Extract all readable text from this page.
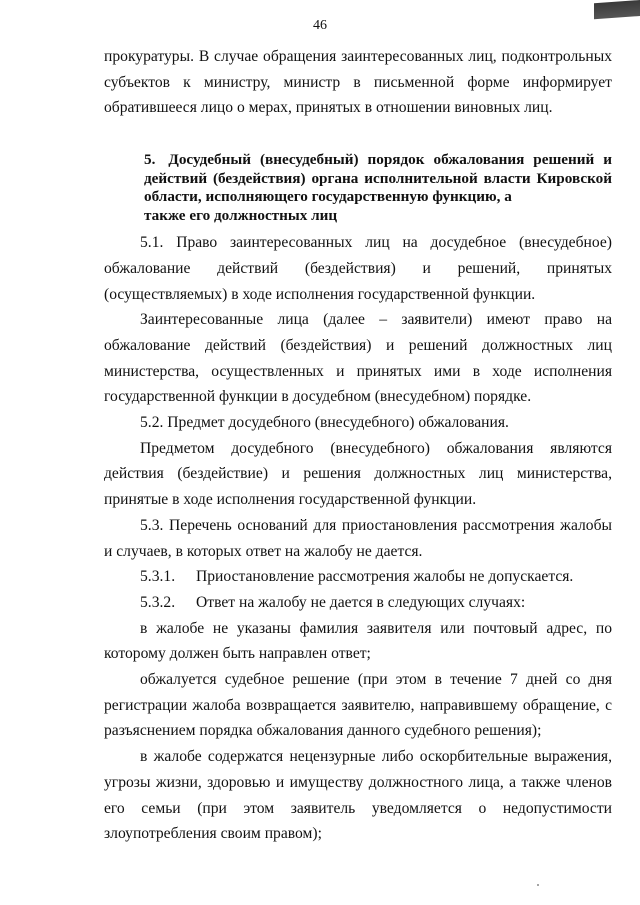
46

прокуратуры. В случае обращения заинтересованных лиц, подконтрольных субъектов к министру, министр в письменной форме информирует обратившееся лицо о мерах, принятых в отношении виновных лиц.

5. Досудебный (внесудебный) порядок обжалования решений и действий (бездействия) органа исполнительной власти Кировской области, исполняющего государственную функцию, а
также его должностных лиц

5.1. Право заинтересованных лиц на досудебное (внесудебное) обжалование действий (бездействия) и решений, принятых (осуществляемых) в ходе исполнения государственной функции.

Заинтересованные лица (далее – заявители) имеют право на обжалование действий (бездействия) и решений должностных лиц министерства, осуществленных и принятых ими в ходе исполнения государственной функции в досудебном (внесудебном) порядке.

5.2. Предмет досудебного (внесудебного) обжалования.

Предметом досудебного (внесудебного) обжалования являются действия (бездействие) и решения должностных лиц министерства, принятые в ходе исполнения государственной функции.

5.3. Перечень оснований для приостановления рассмотрения жалобы и случаев, в которых ответ на жалобу не дается.

5.3.1.	Приостановление рассмотрения жалобы не допускается.
5.3.2.	Ответ на жалобу не дается в следующих случаях:

в жалобе не указаны фамилия заявителя или почтовый адрес, по которому должен быть направлен ответ;

обжалуется судебное решение (при этом в течение 7 дней со дня регистрации жалоба возвращается заявителю, направившему обращение, с разъяснением порядка обжалования данного судебного решения);

в жалобе содержатся нецензурные либо оскорбительные выражения, угрозы жизни, здоровью и имуществу должностного лица, а также членов его семьи (при этом заявитель уведомляется о недопустимости злоупотребления своим правом);
